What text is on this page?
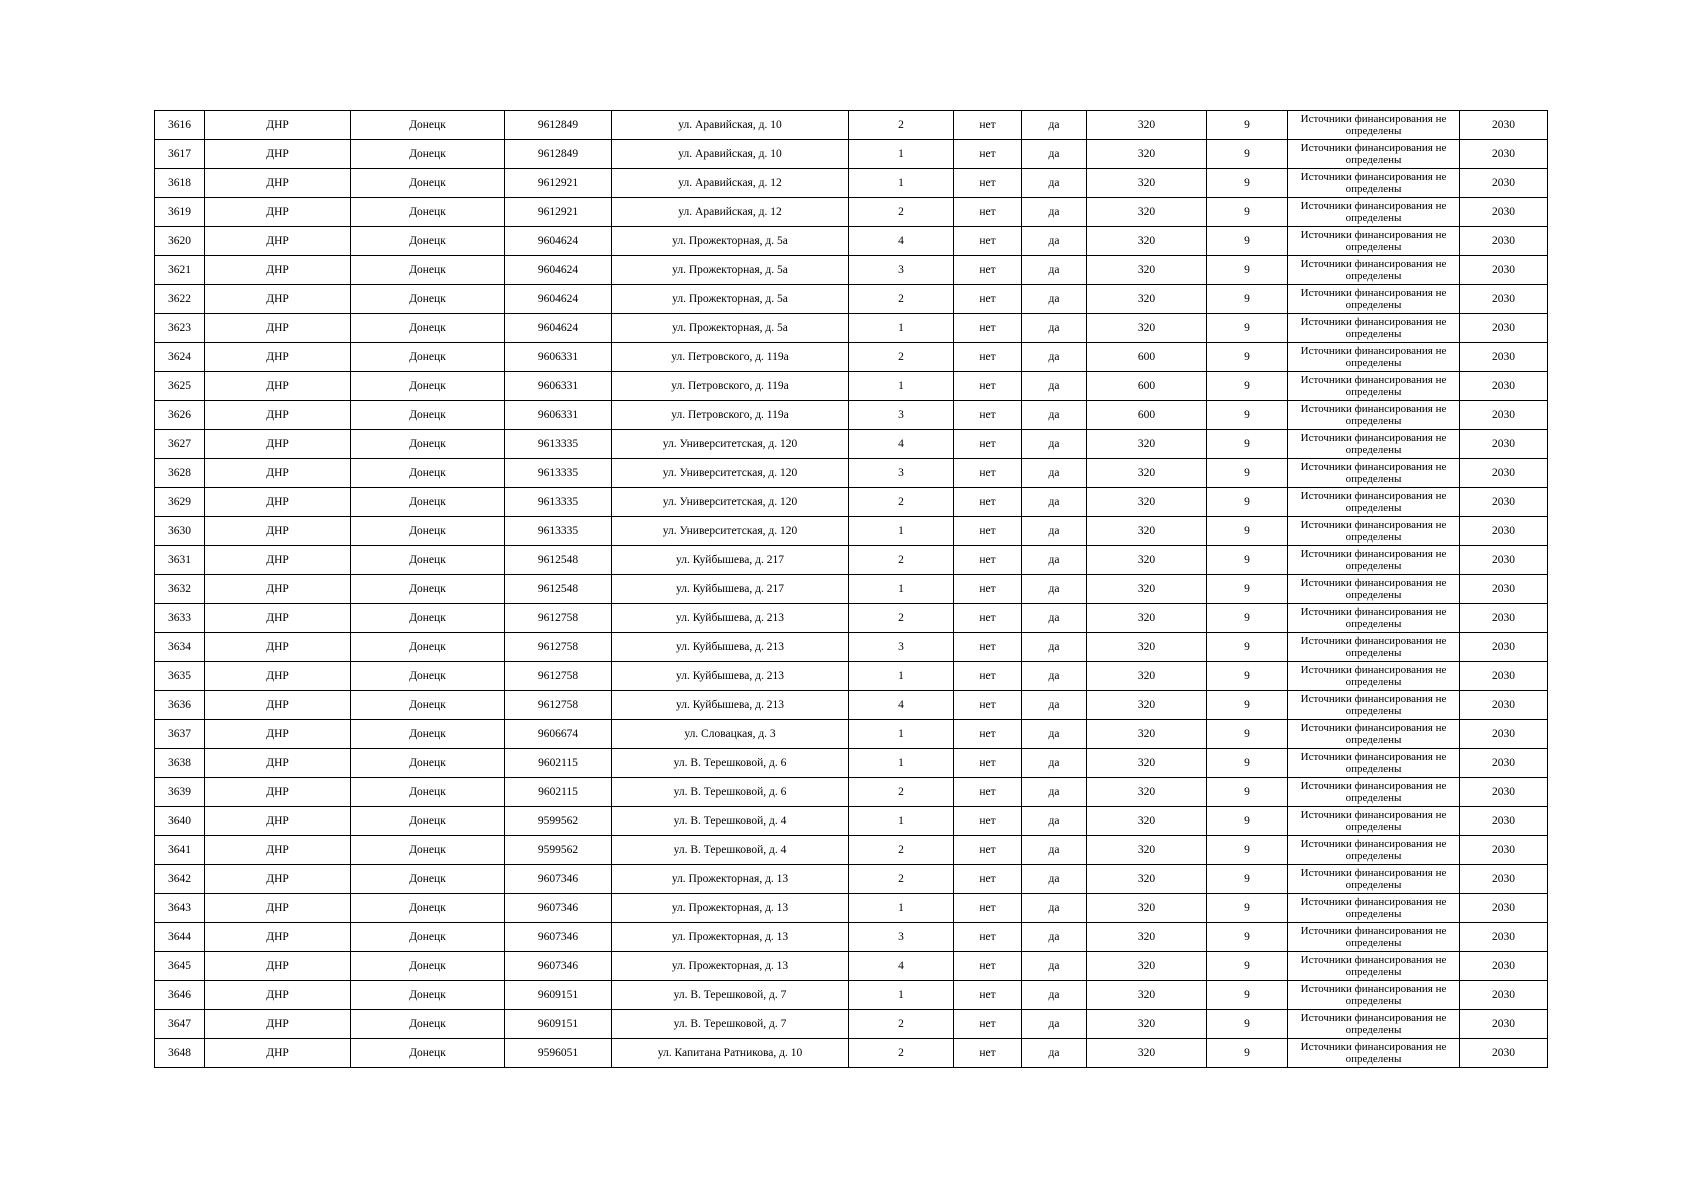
3616	ДНР	Донецк	9612849	ул. Аравийская, д. 10	2	нет	да	320	9	Источники финансирования не определены	2030
3617	ДНР	Донецк	9612849	ул. Аравийская, д. 10	1	нет	да	320	9	Источники финансирования не определены	2030
3618	ДНР	Донецк	9612921	ул. Аравийская, д. 12	1	нет	да	320	9	Источники финансирования не определены	2030
3619	ДНР	Донецк	9612921	ул. Аравийская, д. 12	2	нет	да	320	9	Источники финансирования не определены	2030
3620	ДНР	Донецк	9604624	ул. Прожекторная, д. 5а	4	нет	да	320	9	Источники финансирования не определены	2030
3621	ДНР	Донецк	9604624	ул. Прожекторная, д. 5а	3	нет	да	320	9	Источники финансирования не определены	2030
3622	ДНР	Донецк	9604624	ул. Прожекторная, д. 5а	2	нет	да	320	9	Источники финансирования не определены	2030
3623	ДНР	Донецк	9604624	ул. Прожекторная, д. 5а	1	нет	да	320	9	Источники финансирования не определены	2030
3624	ДНР	Донецк	9606331	ул. Петровского, д. 119а	2	нет	да	600	9	Источники финансирования не определены	2030
3625	ДНР	Донецк	9606331	ул. Петровского, д. 119а	1	нет	да	600	9	Источники финансирования не определены	2030
3626	ДНР	Донецк	9606331	ул. Петровского, д. 119а	3	нет	да	600	9	Источники финансирования не определены	2030
3627	ДНР	Донецк	9613335	ул. Университетская, д. 120	4	нет	да	320	9	Источники финансирования не определены	2030
3628	ДНР	Донецк	9613335	ул. Университетская, д. 120	3	нет	да	320	9	Источники финансирования не определены	2030
3629	ДНР	Донецк	9613335	ул. Университетская, д. 120	2	нет	да	320	9	Источники финансирования не определены	2030
3630	ДНР	Донецк	9613335	ул. Университетская, д. 120	1	нет	да	320	9	Источники финансирования не определены	2030
3631	ДНР	Донецк	9612548	ул. Куйбышева, д. 217	2	нет	да	320	9	Источники финансирования не определены	2030
3632	ДНР	Донецк	9612548	ул. Куйбышева, д. 217	1	нет	да	320	9	Источники финансирования не определены	2030
3633	ДНР	Донецк	9612758	ул. Куйбышева, д. 213	2	нет	да	320	9	Источники финансирования не определены	2030
3634	ДНР	Донецк	9612758	ул. Куйбышева, д. 213	3	нет	да	320	9	Источники финансирования не определены	2030
3635	ДНР	Донецк	9612758	ул. Куйбышева, д. 213	1	нет	да	320	9	Источники финансирования не определены	2030
3636	ДНР	Донецк	9612758	ул. Куйбышева, д. 213	4	нет	да	320	9	Источники финансирования не определены	2030
3637	ДНР	Донецк	9606674	ул. Словацкая, д. 3	1	нет	да	320	9	Источники финансирования не определены	2030
3638	ДНР	Донецк	9602115	ул. В. Терешковой, д. 6	1	нет	да	320	9	Источники финансирования не определены	2030
3639	ДНР	Донецк	9602115	ул. В. Терешковой, д. 6	2	нет	да	320	9	Источники финансирования не определены	2030
3640	ДНР	Донецк	9599562	ул. В. Терешковой, д. 4	1	нет	да	320	9	Источники финансирования не определены	2030
3641	ДНР	Донецк	9599562	ул. В. Терешковой, д. 4	2	нет	да	320	9	Источники финансирования не определены	2030
3642	ДНР	Донецк	9607346	ул. Прожекторная, д. 13	2	нет	да	320	9	Источники финансирования не определены	2030
3643	ДНР	Донецк	9607346	ул. Прожекторная, д. 13	1	нет	да	320	9	Источники финансирования не определены	2030
3644	ДНР	Донецк	9607346	ул. Прожекторная, д. 13	3	нет	да	320	9	Источники финансирования не определены	2030
3645	ДНР	Донецк	9607346	ул. Прожекторная, д. 13	4	нет	да	320	9	Источники финансирования не определены	2030
3646	ДНР	Донецк	9609151	ул. В. Терешковой, д. 7	1	нет	да	320	9	Источники финансирования не определены	2030
3647	ДНР	Донецк	9609151	ул. В. Терешковой, д. 7	2	нет	да	320	9	Источники финансирования не определены	2030
3648	ДНР	Донецк	9596051	ул. Капитана Ратникова, д. 10	2	нет	да	320	9	Источники финансирования не определены	2030
